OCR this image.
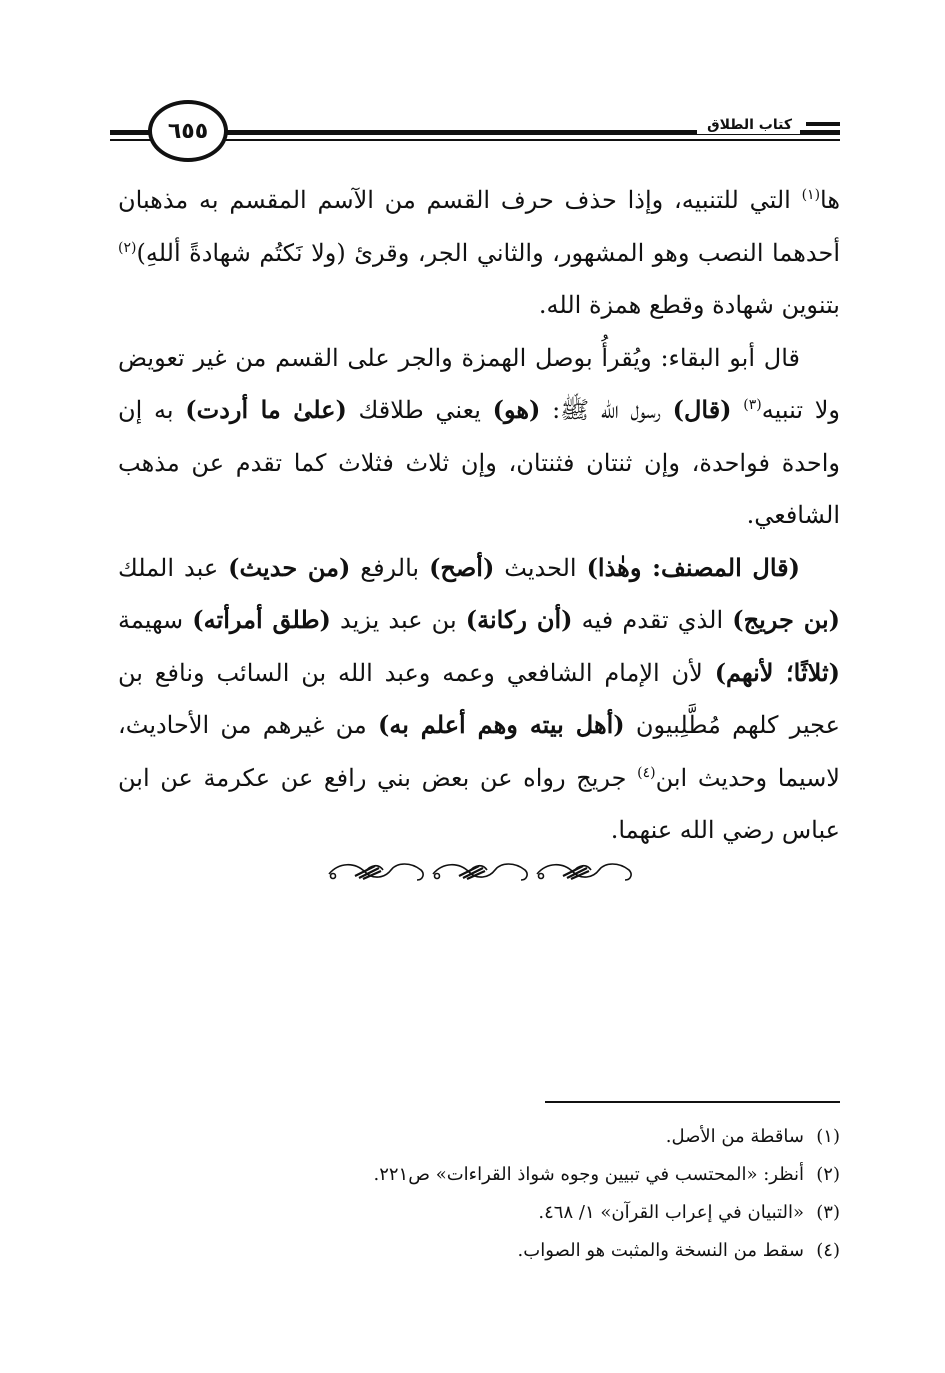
كتاب الطلاق
٦٥٥

ها$^{(١)}$ التي للتنبيه، وإذا حذف حرف القسم من الآسم المقسم به مذهبان أحدهما النصب وهو المشهور، والثاني الجر، وقرئ (ولا نَكتُم شهادةً أللهِ)$^{(٢)}$ بتنوين شهادة وقطع همزة الله.

قال أبو البقاء: ويُقرأُ بوصل الهمزة والجر على القسم من غير تعويض ولا تنبيه$^{(٣)}$ (قال) رسول الله ﷺ: (هو) يعني طلاقك (علىٰ ما أردت) به إن واحدة فواحدة، وإن ثنتان فثنتان، وإن ثلاث فثلاث كما تقدم عن مذهب الشافعي.

(قال المصنف: وهٰذا) الحديث (أصح) بالرفع (من حديث) عبد الملك (بن جريج) الذي تقدم فيه (أن ركانة) بن عبد يزيد (طلق أمرأته) سهيمة (ثلاثًا؛ لأنهم) لأن الإمام الشافعي وعمه وعبد الله بن السائب ونافع بن عجير كلهم مُطَّلِبيون (أهل بيته وهم أعلم به) من غيرهم من الأحاديث، لاسيما وحديث ابن$^{(٤)}$ جريج رواه عن بعض بني رافع عن عكرمة عن ابن عباس رضي الله عنهما.

(١)ساقطة من الأصل.
(٢)أنظر: «المحتسب في تبيين وجوه شواذ القراءات» ص٢٢١.
(٣)«التبيان في إعراب القرآن» ١/ ٤٦٨.
(٤)سقط من النسخة والمثبت هو الصواب.
